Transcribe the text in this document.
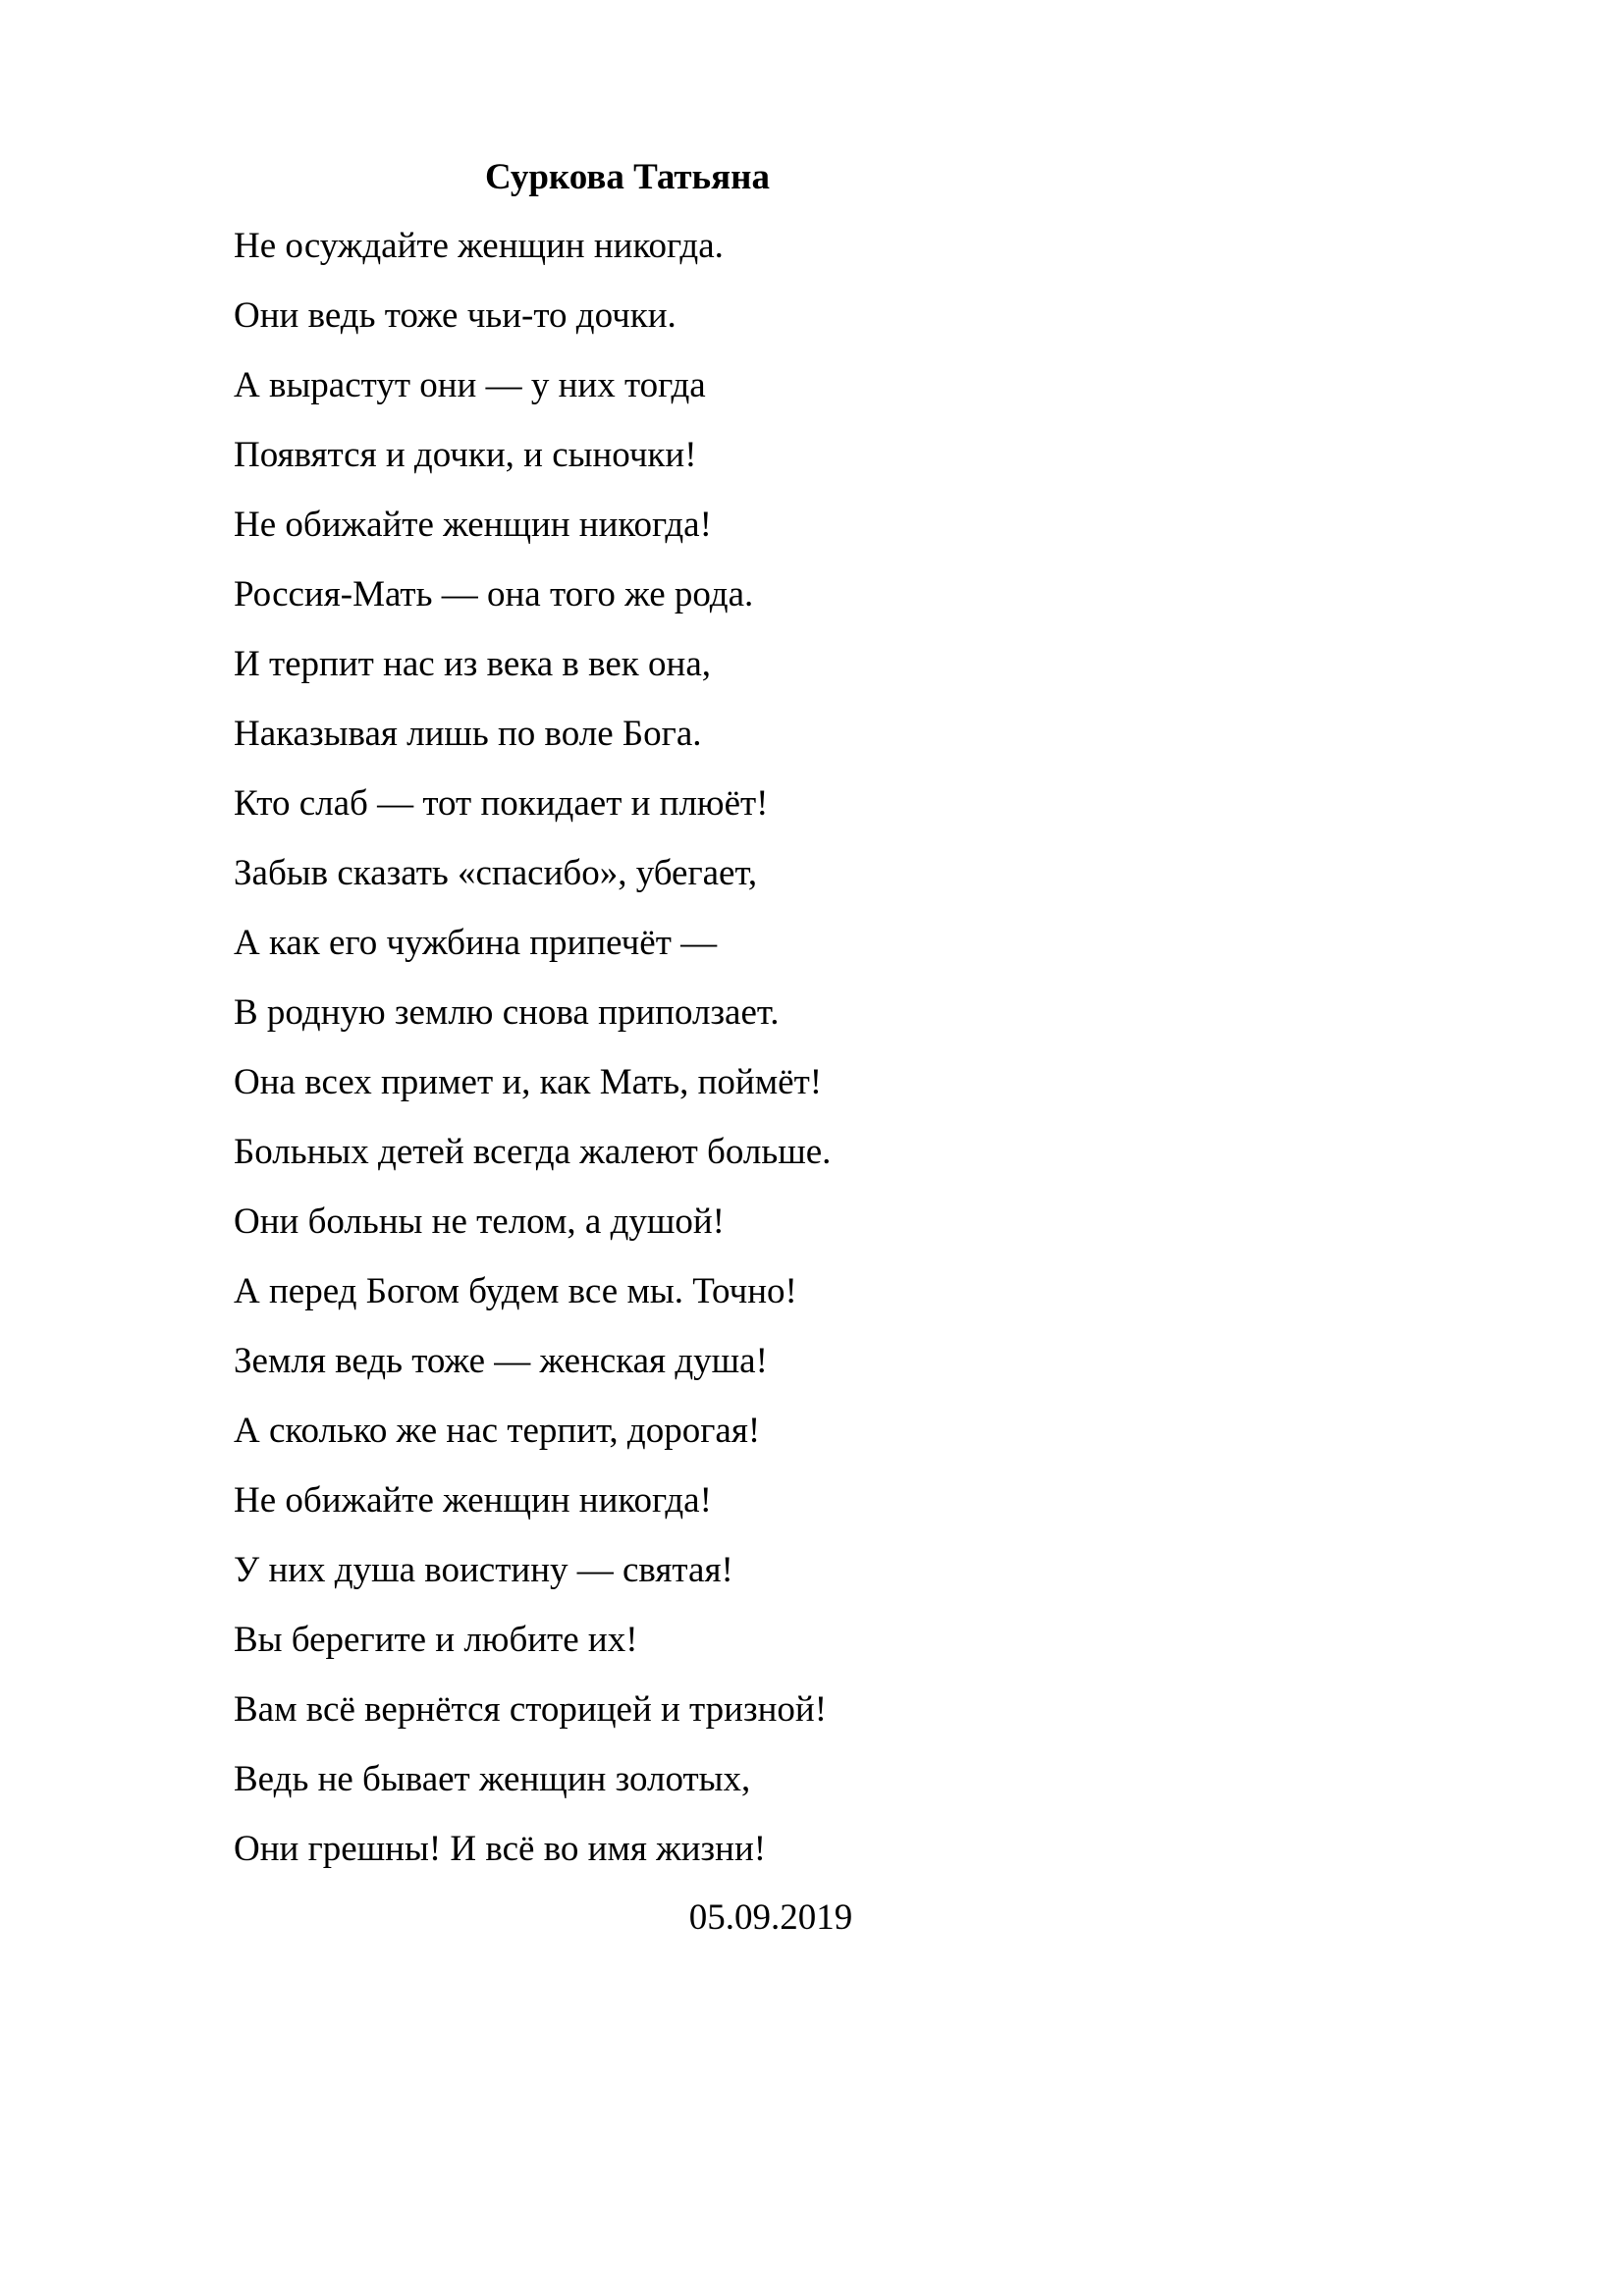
Суркова Татьяна
Не осуждайте женщин никогда.
Они ведь тоже чьи-то дочки.
А вырастут они — у них тогда
Появятся и дочки, и сыночки!
Не обижайте женщин никогда!
Россия-Мать — она того же рода.
И терпит нас из века в век она,
Наказывая лишь по воле Бога.
Кто слаб — тот покидает и плюёт!
Забыв сказать «спасибо», убегает,
А как его чужбина припечёт —
В родную землю снова приползает.
Она всех примет и, как Мать, поймёт!
Больных детей всегда жалеют больше.
Они больны не телом, а душой!
А перед Богом будем все мы. Точно!
Земля ведь тоже — женская душа!
А сколько же нас терпит, дорогая!
Не обижайте женщин никогда!
У них душа воистину — святая!
Вы берегите и любите их!
Вам всё вернётся сторицей и тризной!
Ведь не бывает женщин золотых,
Они грешны! И всё во имя жизни!

05.09.2019
